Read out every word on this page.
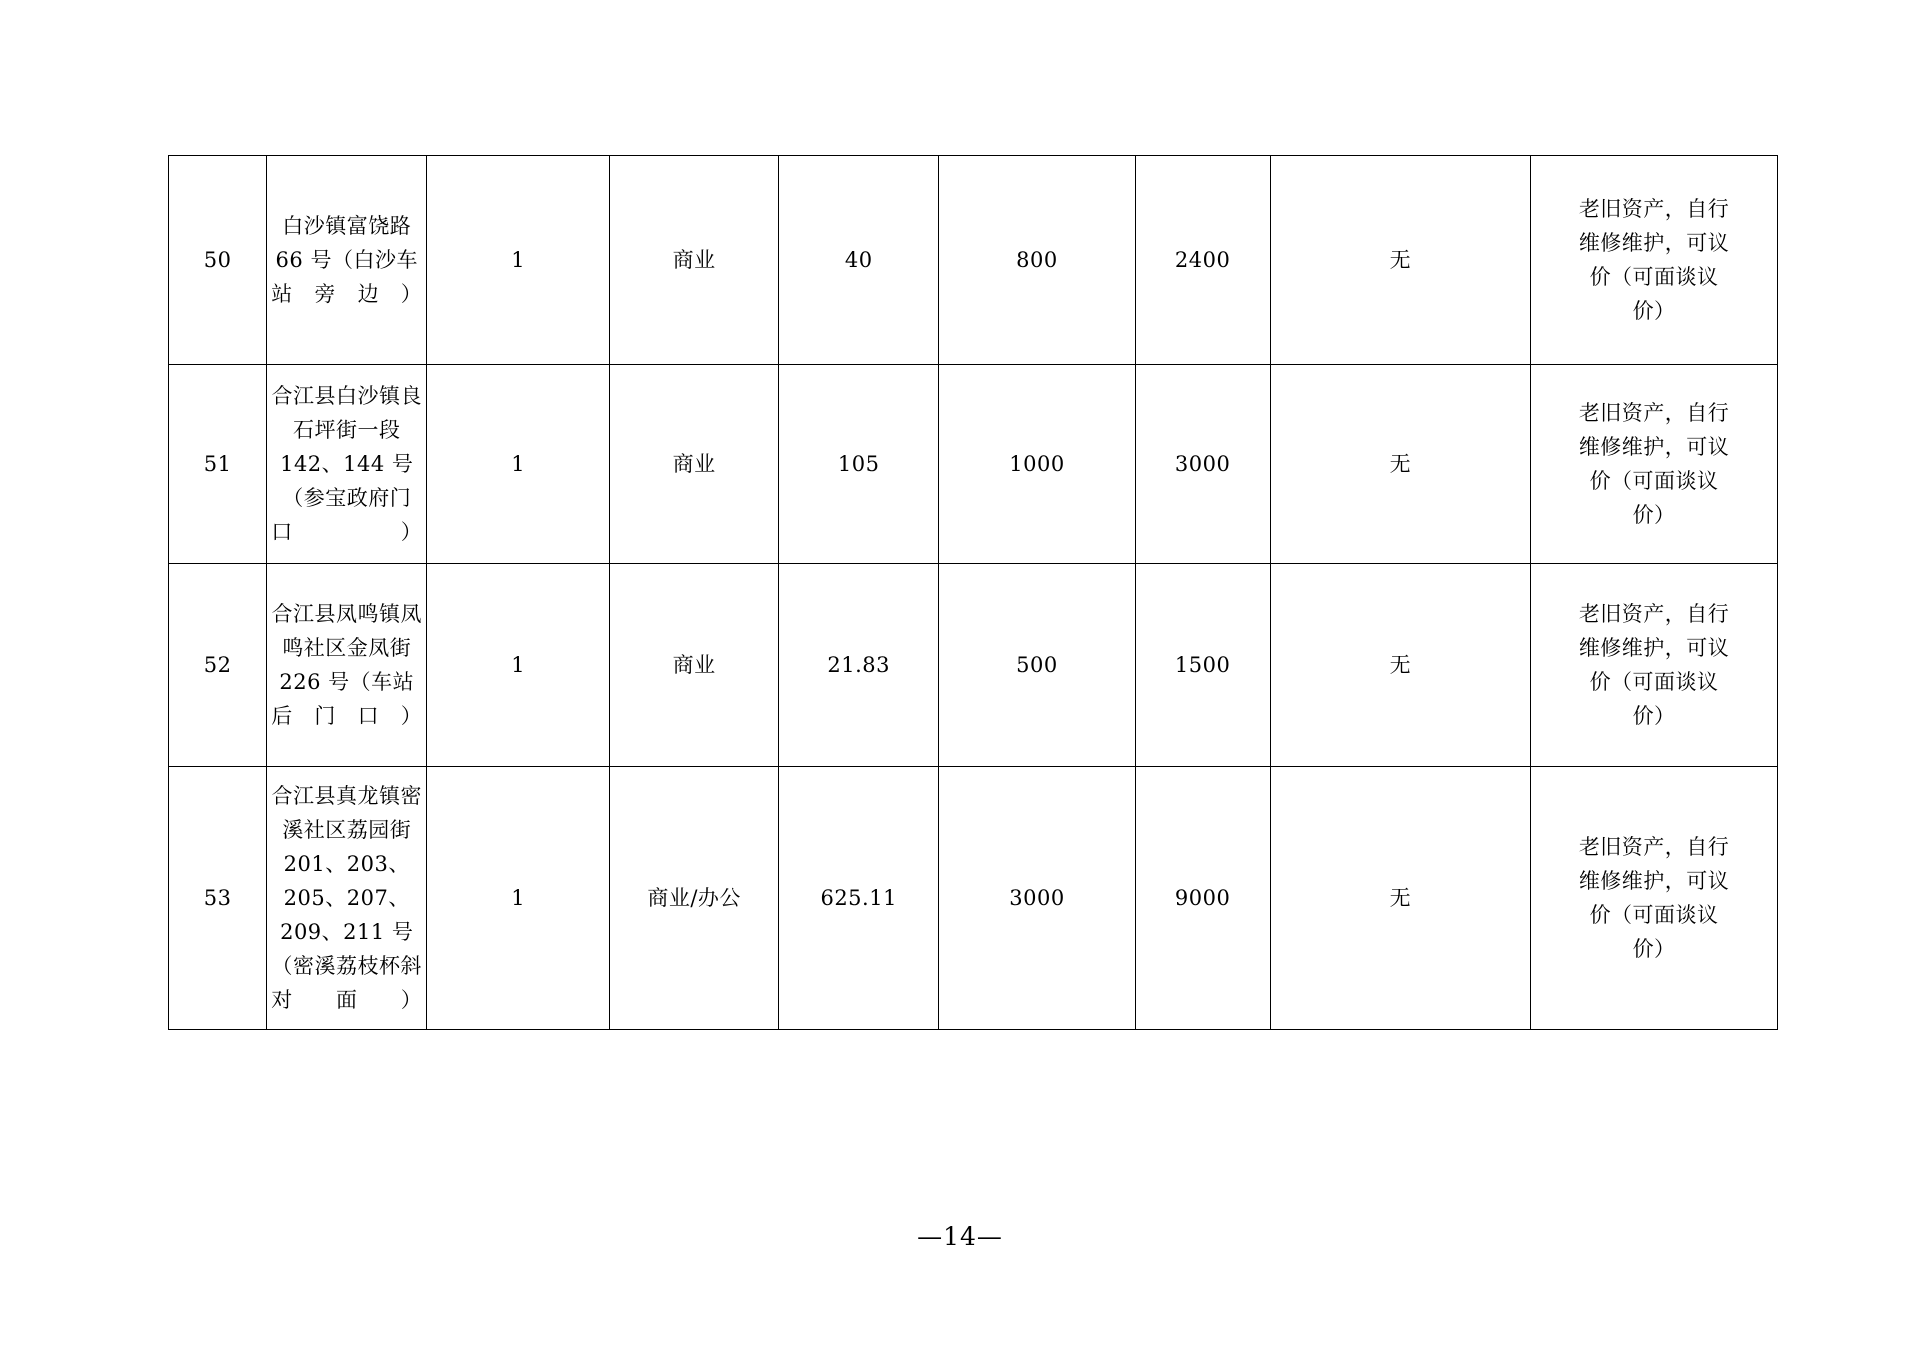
50	白沙镇富饶路 66 号（白沙车站旁边）	1	商业	40	800	2400	无	老旧资产，自行
维修维护，可议
价（可面谈议
价）

51	合江县白沙镇良石坪街一段 142、144 号（参宝政府门口）	1	商业	105	1000	3000	无	老旧资产，自行
维修维护，可议
价（可面谈议
价）

52	合江县凤鸣镇凤鸣社区金凤街 226 号（车站后门口）	1	商业	21.83	500	1500	无	老旧资产，自行
维修维护，可议
价（可面谈议
价）

53	合江县真龙镇密溪社区荔园街 201、203、205、207、209、211 号（密溪荔枝杯斜对面）	1	商业/办公	625.11	3000	9000	无	老旧资产，自行
维修维护，可议
价（可面谈议
价）
—14—
